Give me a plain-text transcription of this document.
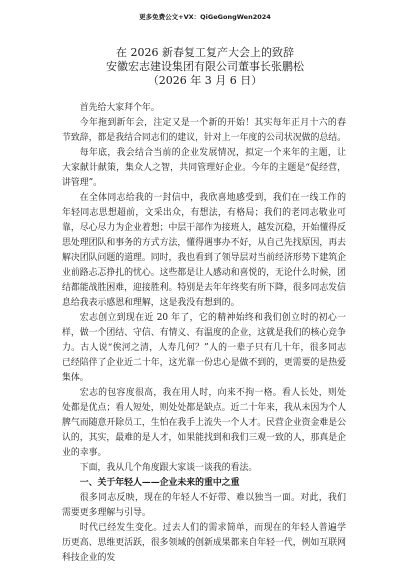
更多免费公文+VX：QiGeGongWen2024
在 2026 新春复工复产大会上的致辞
安徽宏志建设集团有限公司董事长张鹏松
（2026 年 3 月 6 日）

首先给大家拜个年。

今年拖到新年会，注定又是一个新的开始！其实每年正月十六的春节致辞，都是我结合同志们的建议，针对上一年度的公司状况做的总结。

每年底，我会结合当前的企业发展情况，拟定一个来年的主题，让大家献计献策，集众人之智，共同管理好企业。今年的主题是“促经营，讲管理”。

在全体同志给我的一封信中，我欣喜地感受到，我们在一线工作的年轻同志思想超前，文采出众，有想法，有格局；我们的老同志敬业可靠，尽心尽力为企业着想；中层干部作为接班人，越发沉稳，开始懂得反思处理团队和事务的方式方法，懂得遇事办不好，从自己先找原因，再去解决团队问题的道理。同时，我也看到了领导层对当前经济形势下建筑企业前路忐忑挣扎的忧心。这些都是让人感动和喜悦的，无论什么时候，团结都能战胜困难，迎接胜利。特别是去年年终奖有所下降，很多同志发信息给我表示感恩和理解，这是我没有想到的。

宏志创立到现在近 20 年了，它的精神始终和我们创立时的初心一样，做一个团结、守信、有情义、有温度的企业，这就是我们的核心竞争力。古人说“俟河之清，人寿几何？”人的一辈子只有几十年，很多同志已经陪伴了企业近二十年，这光靠一份忠心是做不到的，更需要的是热爱集体。

宏志的包容度很高，我在用人时，向来不拘一格。看人长处，则处处都是优点；看人短处，则处处都是缺点。近二十年来，我从未因为个人脾气而随意开除员工，生怕在我手上流失一个人才。民营企业资金难是公认的，其实，最难的是人才，如果能找到和我们三观一致的人，那真是企业的幸事。

下面，我从几个角度跟大家谈一谈我的看法。

一、关于年轻人——企业未来的重中之重

很多同志反映，现在的年轻人不好带、难以独当一面。对此，我们需要更多理解与引导。

时代已经发生变化。过去人们的需求简单，而现在的年轻人普遍学历更高、思维更活跃，很多领域的创新成果都来自年轻一代，例如互联网科技企业的发
